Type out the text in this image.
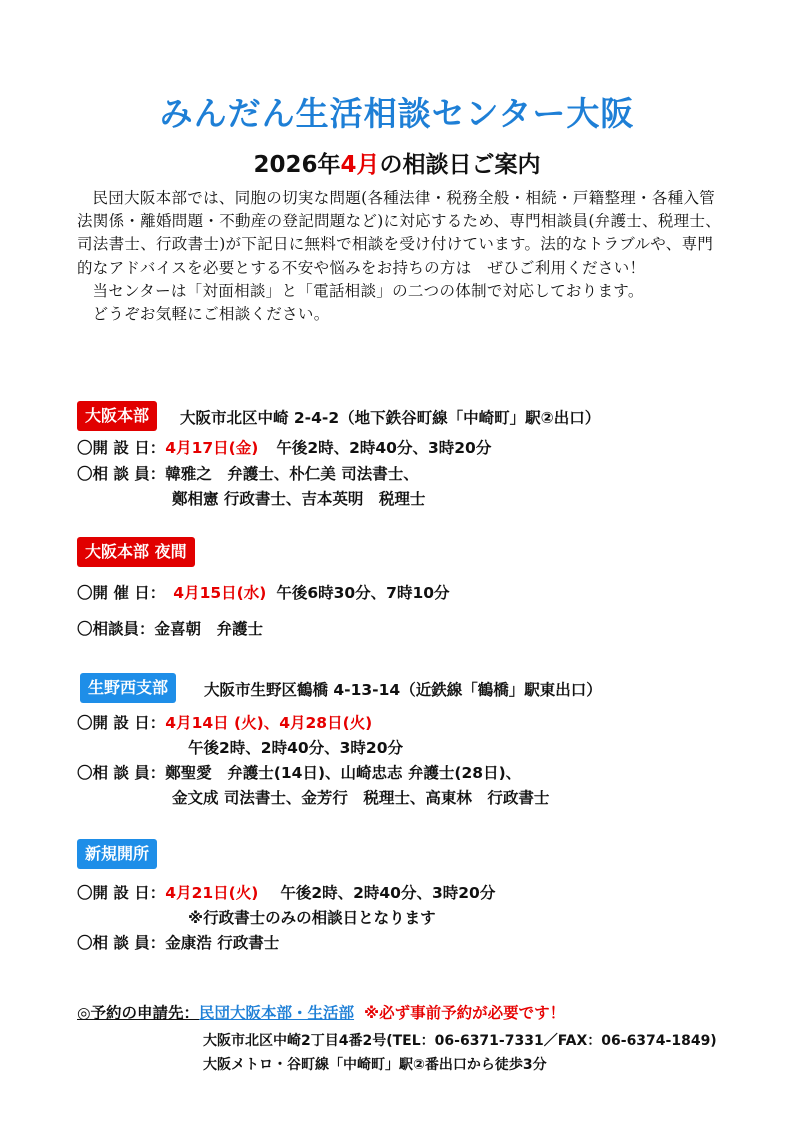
みんだん生活相談センター大阪
2026年4月の相談日ご案内

民団大阪本部では、同胞の切実な問題(各種法律・税務全般・相続・戸籍整理・各種入管法関係・離婚問題・不動産の登記問題など)に対応するため、専門相談員(弁護士、税理士、司法書士、行政書士)が下記日に無料で相談を受け付けています。法的なトラブルや、専門的なアドバイスを必要とする不安や悩みをお持ちの方は　ぜひご利用ください！

当センターは「対面相談」と「電話相談」の二つの体制で対応しております。

どうぞお気軽にご相談ください。

大阪本部	大阪市北区中崎 2-4-2（地下鉄谷町線「中崎町」駅②出口）
〇開 設 日：4月17日(金) 午後2時、2時40分、3時20分
〇相 談 員：韓雅之　弁護士、朴仁美 司法書士、
鄭相憲 行政書士、吉本英明　税理士
大阪本部 夜間
〇開 催 日： 4月15日(水) 午後6時30分、7時10分
〇相談員：金喜朝　弁護士
生野西支部	大阪市生野区鶴橋 4-13-14（近鉄線「鶴橋」駅東出口）
〇開 設 日：4月14日 (火)、4月28日(火)
午後2時、2時40分、3時20分
〇相 談 員：鄭聖愛　弁護士(14日)、山崎忠志 弁護士(28日)、
金文成 司法書士、金芳行　税理士、高東林　行政書士
新規開所
〇開 設 日：4月21日(火) 午後2時、2時40分、3時20分
※行政書士のみの相談日となります
〇相 談 員：金康浩 行政書士
◎予約の申請先：民団大阪本部・生活部 ※必ず事前予約が必要です！
大阪市北区中崎2丁目4番2号(TEL：06-6371-7331／FAX：06-6374-1849)
大阪メトロ・谷町線「中崎町」駅②番出口から徒歩3分
